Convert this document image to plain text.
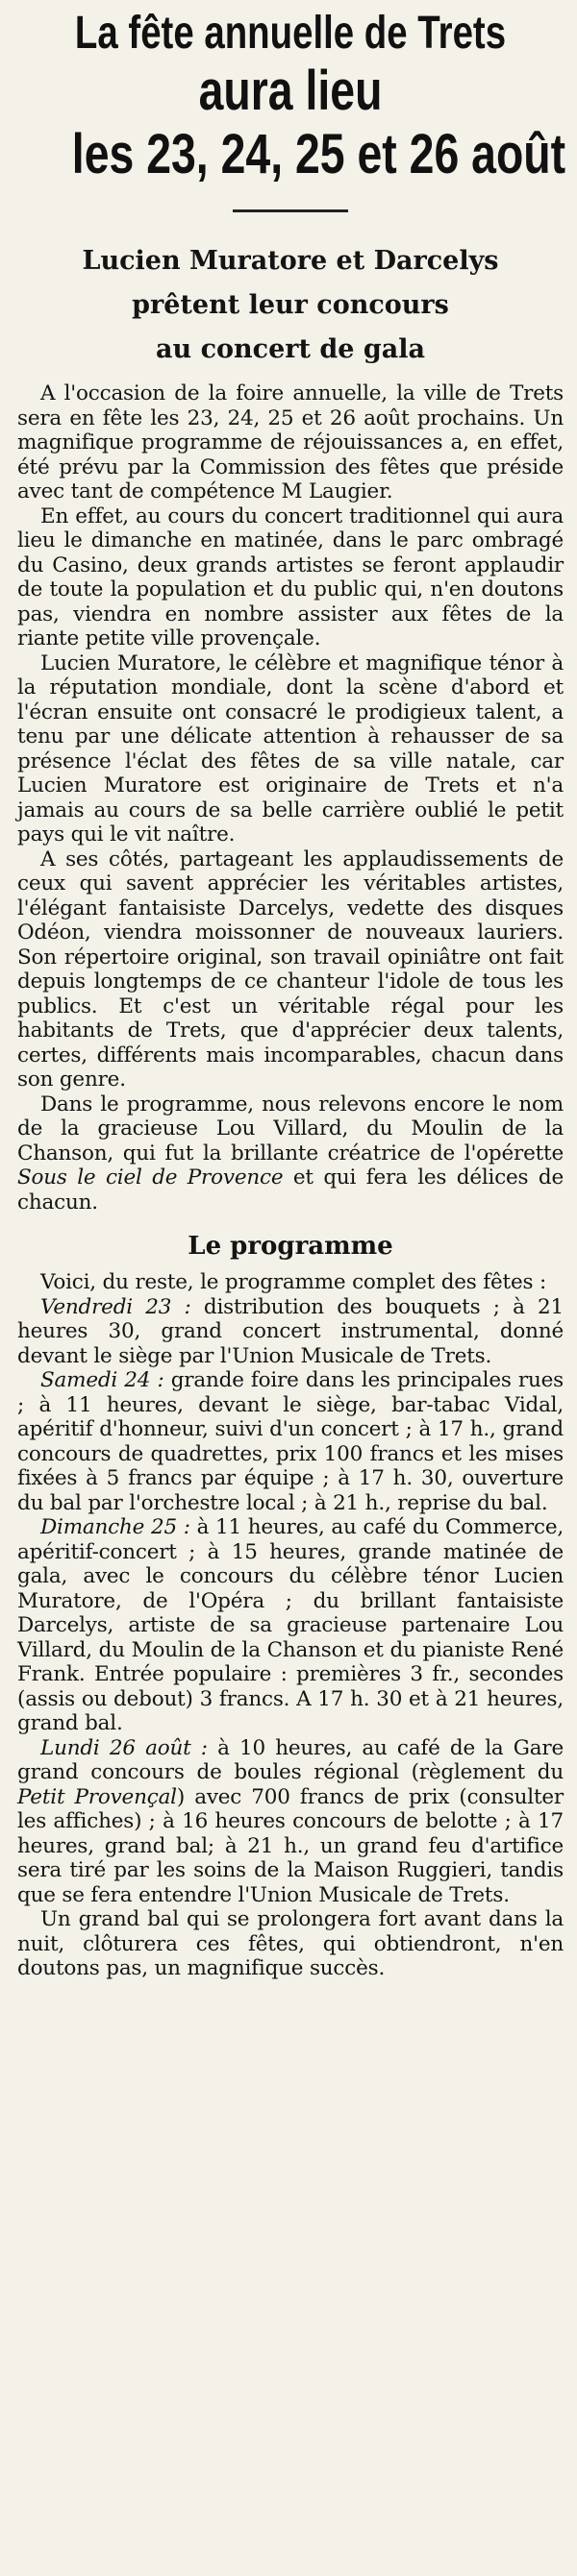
La fête annuelle de Trets
aura lieu
les 23, 24, 25 et 26 août
Lucien Muratore et Darcelys
prêtent leur concours
au concert de gala

A l'occasion de la foire annuelle, la ville de Trets sera en fête les 23, 24, 25 et 26 août prochains. Un magnifique programme de réjouissances a, en effet, été prévu par la Commission des fêtes que préside avec tant de compétence M Laugier.

En effet, au cours du concert traditionnel qui aura lieu le dimanche en matinée, dans le parc ombragé du Casino, deux grands artistes se feront applaudir de toute la population et du public qui, n'en doutons pas, viendra en nombre assister aux fêtes de la riante petite ville provençale.

Lucien Muratore, le célèbre et magnifique ténor à la réputation mondiale, dont la scène d'abord et l'écran ensuite ont consacré le prodigieux talent, a tenu par une délicate attention à rehausser de sa présence l'éclat des fêtes de sa ville natale, car Lucien Muratore est originaire de Trets et n'a jamais au cours de sa belle carrière oublié le petit pays qui le vit naître.

A ses côtés, partageant les applaudissements de ceux qui savent apprécier les véritables artistes, l'élégant fantaisiste Darcelys, vedette des disques Odéon, viendra moissonner de nouveaux lauriers. Son répertoire original, son travail opiniâtre ont fait depuis longtemps de ce chanteur l'idole de tous les publics. Et c'est un véritable régal pour les habitants de Trets, que d'apprécier deux talents, certes, différents mais incomparables, chacun dans son genre.

Dans le programme, nous relevons encore le nom de la gracieuse Lou Villard, du Moulin de la Chanson, qui fut la brillante créatrice de l'opérette Sous le ciel de Provence et qui fera les délices de chacun.

Le programme

Voici, du reste, le programme complet des fêtes :

Vendredi 23 : distribution des bouquets ; à 21 heures 30, grand concert instrumental, donné devant le siège par l'Union Musicale de Trets.

Samedi 24 : grande foire dans les principales rues ; à 11 heures, devant le siège, bar-tabac Vidal, apéritif d'honneur, suivi d'un concert ; à 17 h., grand concours de quadrettes, prix 100 francs et les mises fixées à 5 francs par équipe ; à 17 h. 30, ouverture du bal par l'orchestre local ; à 21 h., reprise du bal.

Dimanche 25 : à 11 heures, au café du Commerce, apéritif-concert ; à 15 heures, grande matinée de gala, avec le concours du célèbre ténor Lucien Muratore, de l'Opéra ; du brillant fantaisiste Darcelys, artiste de sa gracieuse partenaire Lou Villard, du Moulin de la Chanson et du pianiste René Frank. Entrée populaire : premières 3 fr., secondes (assis ou debout) 3 francs. A 17 h. 30 et à 21 heures, grand bal.

Lundi 26 août : à 10 heures, au café de la Gare grand concours de boules régional (règlement du Petit Provençal) avec 700 francs de prix (consulter les affiches) ; à 16 heures concours de belotte ; à 17 heures, grand bal; à 21 h., un grand feu d'artifice sera tiré par les soins de la Maison Ruggieri, tandis que se fera entendre l'Union Musicale de Trets.

Un grand bal qui se prolongera fort avant dans la nuit, clôturera ces fêtes, qui obtiendront, n'en doutons pas, un magnifique succès.
